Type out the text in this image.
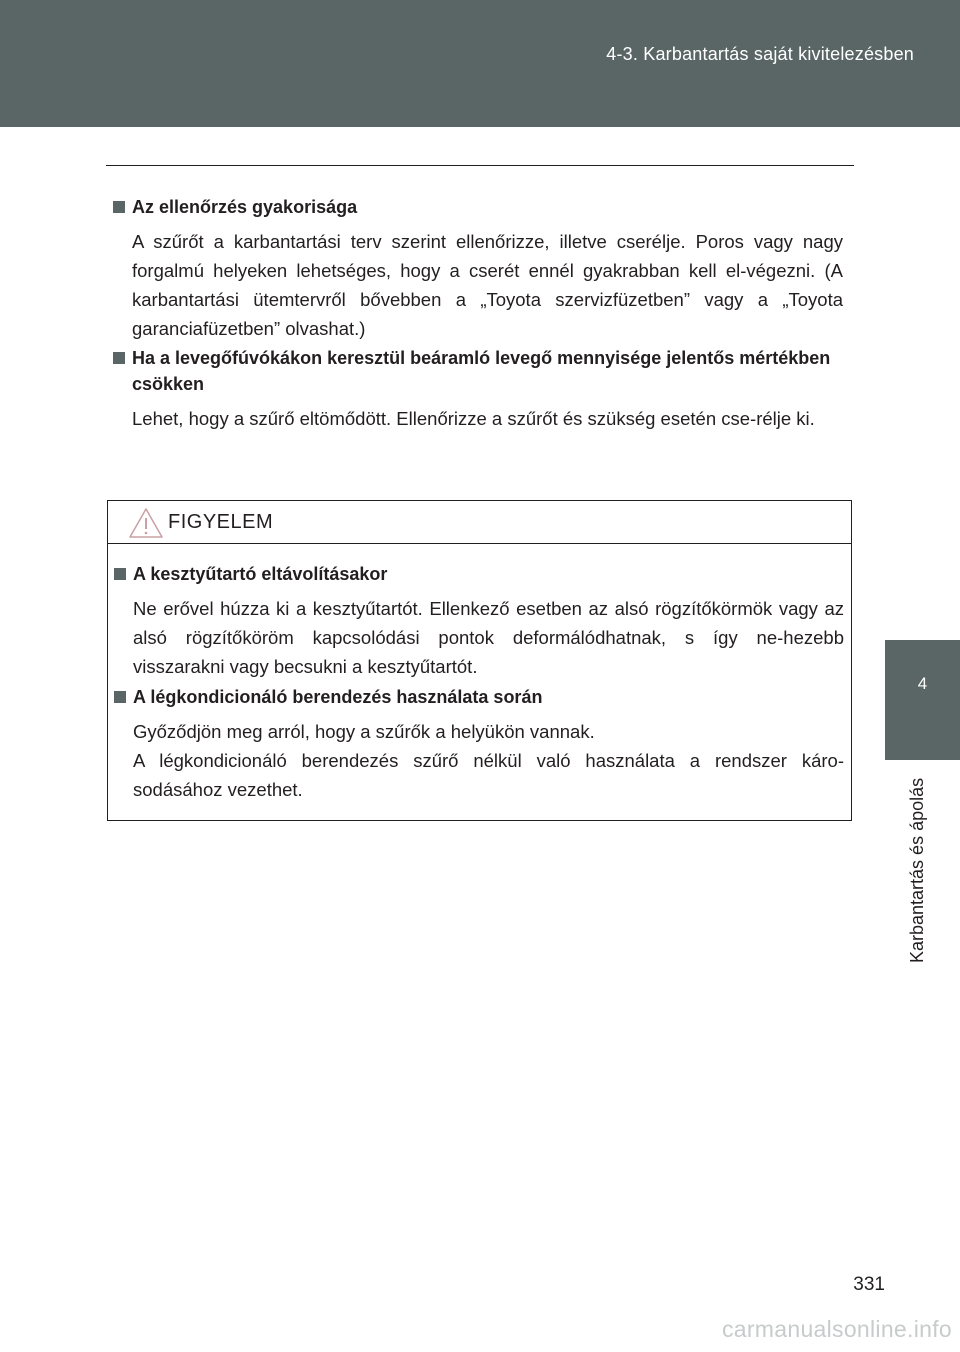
4-3. Karbantartás saját kivitelezésben
4
Karbantartás és ápolás
Az ellenőrzés gyakorisága
A szűrőt a karbantartási terv szerint ellenőrizze, illetve cserélje. Poros vagy nagy forgalmú helyeken lehetséges, hogy a cserét ennél gyakrabban kell el-végezni. (A karbantartási ütemtervről bővebben a „Toyota szervizfüzetben” vagy a „Toyota garanciafüzetben” olvashat.)
Ha a levegőfúvókákon keresztül beáramló levegő mennyisége jelentős mértékben csökken
Lehet, hogy a szűrő eltömődött. Ellenőrizze a szűrőt és szükség esetén cse-rélje ki.
FIGYELEM
A kesztyűtartó eltávolításakor
Ne erővel húzza ki a kesztyűtartót. Ellenkező esetben az alsó rögzítőkörmök vagy az alsó rögzítőköröm kapcsolódási pontok deformálódhatnak, s így ne-hezebb visszarakni vagy becsukni a kesztyűtartót.
A légkondicionáló berendezés használata során
Győződjön meg arról, hogy a szűrők a helyükön vannak.
A légkondicionáló berendezés szűrő nélkül való használata a rendszer káro-sodásához vezethet.
331
carmanualsonline.info
